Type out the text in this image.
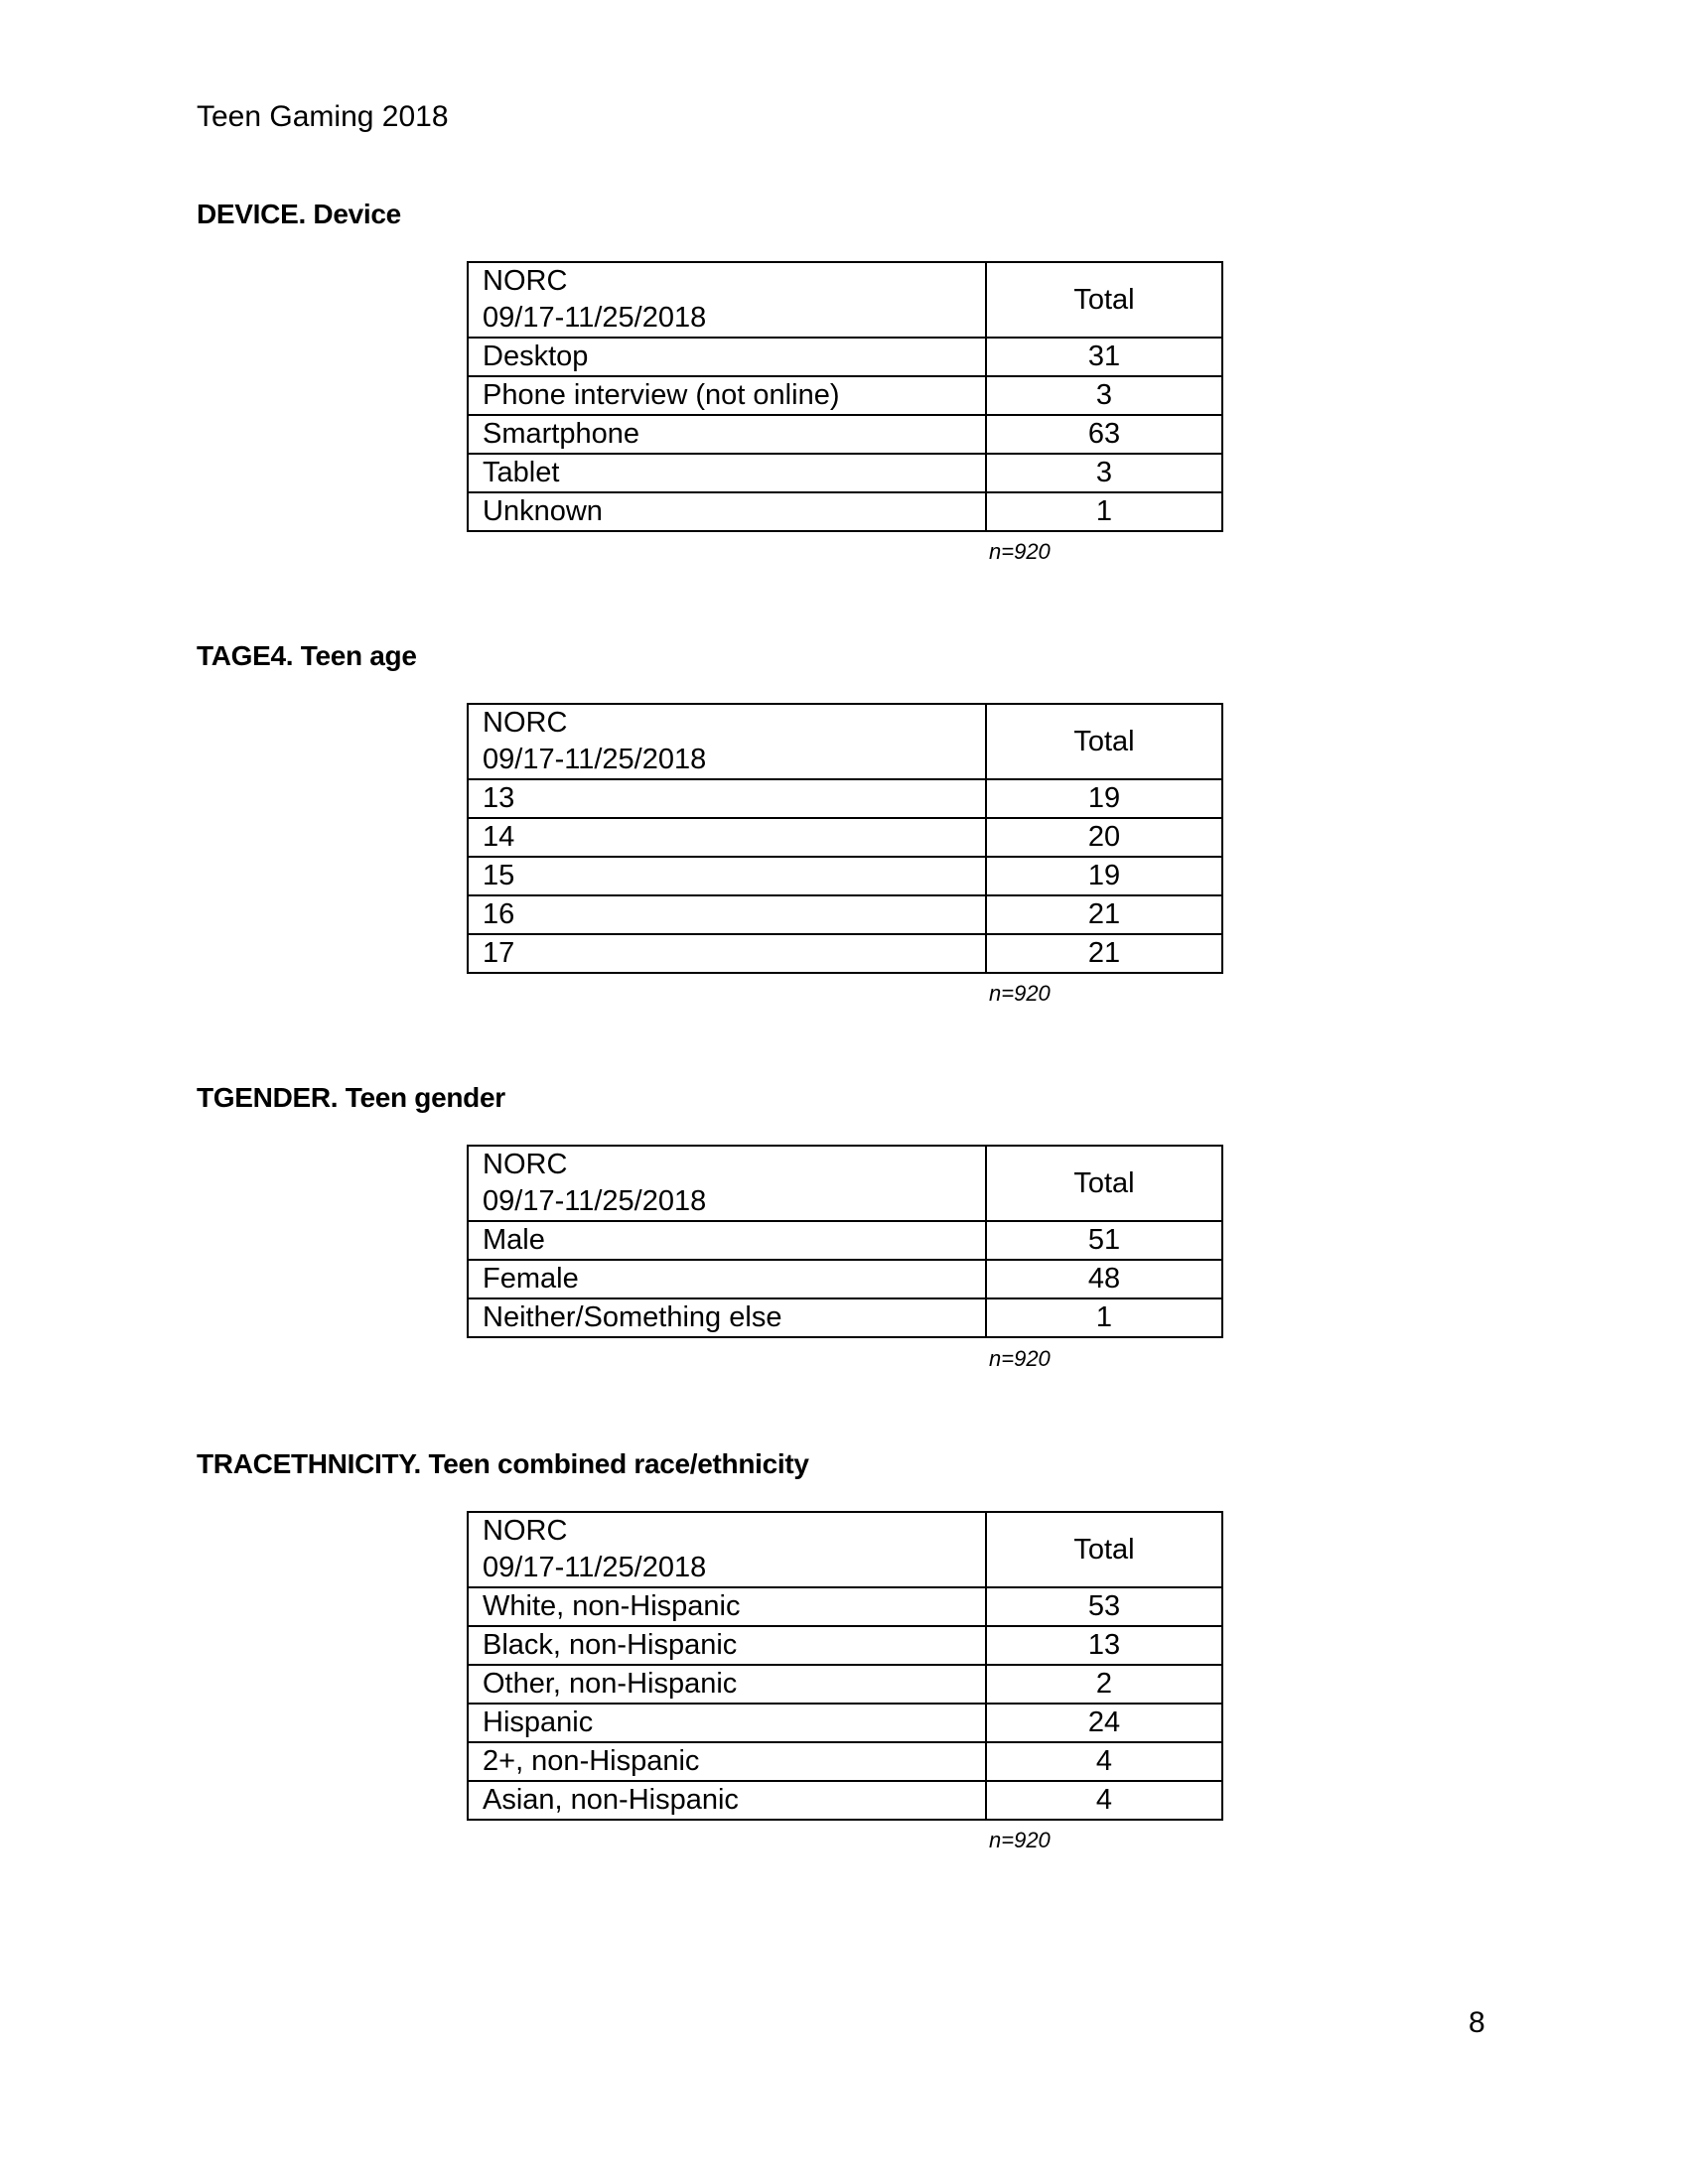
Teen Gaming 2018
DEVICE. Device
NORC
09/17-11/25/2018	Total
Desktop	31
Phone interview (not online)	3
Smartphone	63
Tablet	3
Unknown	1
n=920
TAGE4. Teen age
NORC
09/17-11/25/2018	Total
13	19
14	20
15	19
16	21
17	21
n=920
TGENDER. Teen gender
NORC
09/17-11/25/2018	Total
Male	51
Female	48
Neither/Something else	1
n=920
TRACETHNICITY. Teen combined race/ethnicity
NORC
09/17-11/25/2018	Total
White, non-Hispanic	53
Black, non-Hispanic	13
Other, non-Hispanic	2
Hispanic	24
2+, non-Hispanic	4
Asian, non-Hispanic	4
n=920
8
